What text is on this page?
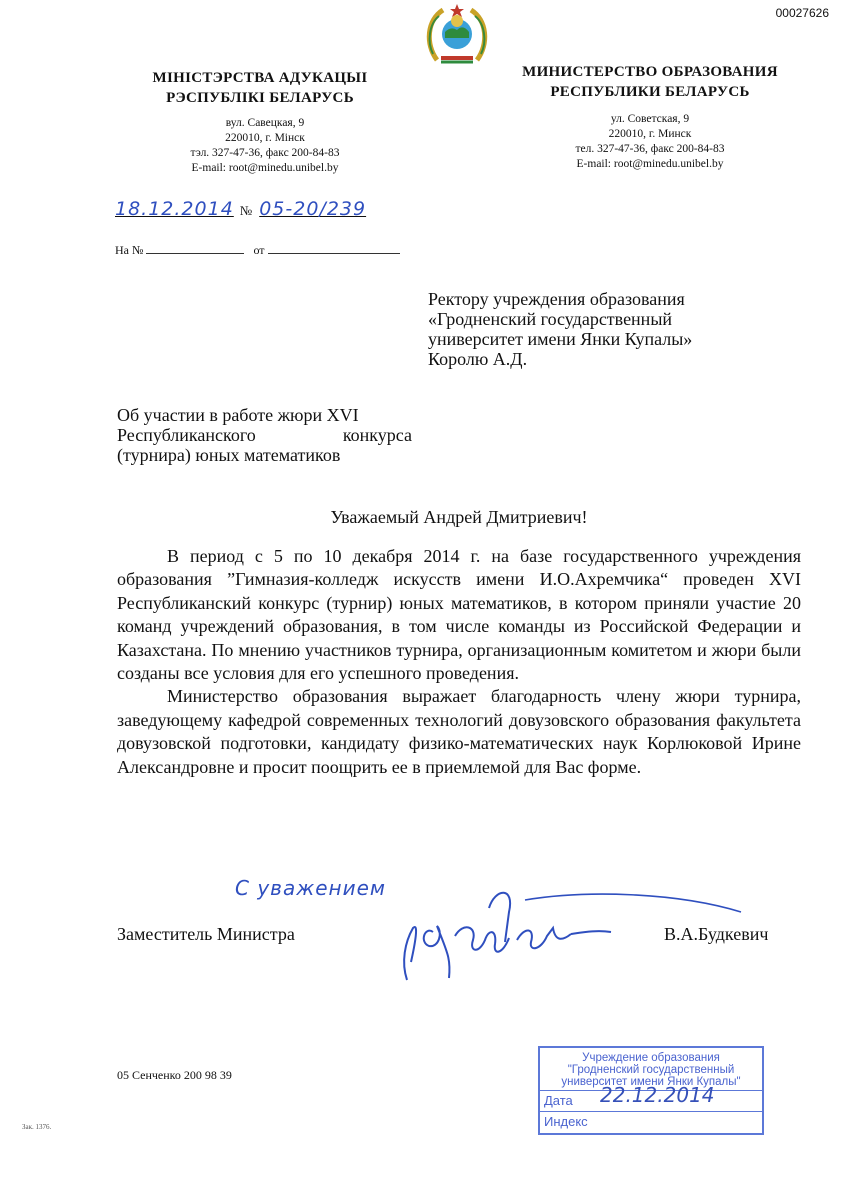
00027626
МІНІСТЭРСТВА АДУКАЦЫІ
РЭСПУБЛІКІ БЕЛАРУСЬ
вул. Савецкая, 9
220010, г. Мінск
тэл. 327-47-36, факс 200-84-83
E-mail: root@minedu.unibel.by
МИНИСТЕРСТВО ОБРАЗОВАНИЯ
РЕСПУБЛИКИ БЕЛАРУСЬ
ул. Советская, 9
220010, г. Минск
тел. 327-47-36, факс 200-84-83
E-mail: root@minedu.unibel.by
18.12.2014 № 05-20/239
На №	от
Ректору учреждения образования
«Гродненский государственный
университет имени Янки Купалы»
Королю А.Д.
Об участии в работе жюри XVI
Республиканского конкурса
(турнира) юных математиков
Уважаемый Андрей Дмитриевич!

В период с 5 по 10 декабря 2014 г. на базе государственного учреждения образования ”Гимназия-колледж искусств имени И.О.Ахремчика“ проведен XVI Республиканский конкурс (турнир) юных математиков, в котором приняли участие 20 команд учреждений образования, в том числе команды из Российской Федерации и Казахстана. По мнению участников турнира, организационным комитетом и жюри были созданы все условия для его успешного проведения.

Министерство образования выражает благодарность члену жюри турнира, заведующему кафедрой современных технологий довузовского образования факультета довузовской подготовки, кандидату физико-математических наук Корлюковой Ирине Александровне и просит поощрить ее в приемлемой для Вас форме.

С уважением
Заместитель Министра	В.А.Будкевич
05 Сенченко 200 98 39
Зак. 1376.
Учреждение образования
"Гродненский государственный
университет имени Янки Купалы"
Дата 22.12.2014
Индекс
